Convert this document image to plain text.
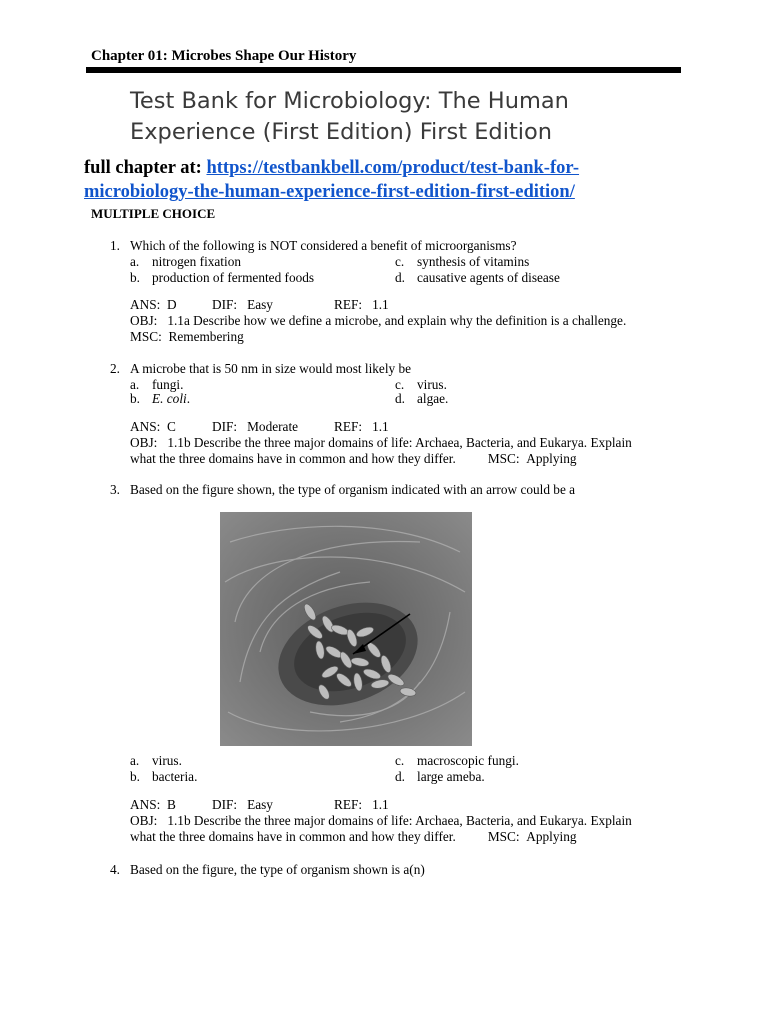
Chapter 01: Microbes Shape Our History
Test Bank for Microbiology: The Human
Experience (First Edition) First Edition
full chapter at: https://testbankbell.com/product/test-bank-for-
microbiology-the-human-experience-first-edition-first-edition/
MULTIPLE CHOICE
1. Which of the following is NOT considered a benefit of microorganisms?
a. nitrogen fixation
b. production of fermented foods
c. synthesis of vitamins
d. causative agents of disease
ANS: D	DIF: Easy	REF: 1.1
OBJ: 1.1a Describe how we define a microbe, and explain why the definition is a challenge.
MSC: Remembering
2. A microbe that is 50 nm in size would most likely be
a. fungi.
b. E. coli.
c. virus.
d. algae.
ANS: C	DIF: Moderate	REF: 1.1
OBJ: 1.1b Describe the three major domains of life: Archaea, Bacteria, and Eukarya. Explain
what the three domains have in common and how they differ. MSC: Applying
3. Based on the figure shown, the type of organism indicated with an arrow could be a
a. virus.
b. bacteria.
c. macroscopic fungi.
d. large ameba.
ANS: B	DIF: Easy	REF: 1.1
OBJ: 1.1b Describe the three major domains of life: Archaea, Bacteria, and Eukarya. Explain
what the three domains have in common and how they differ. MSC: Applying
4. Based on the figure, the type of organism shown is a(n)
